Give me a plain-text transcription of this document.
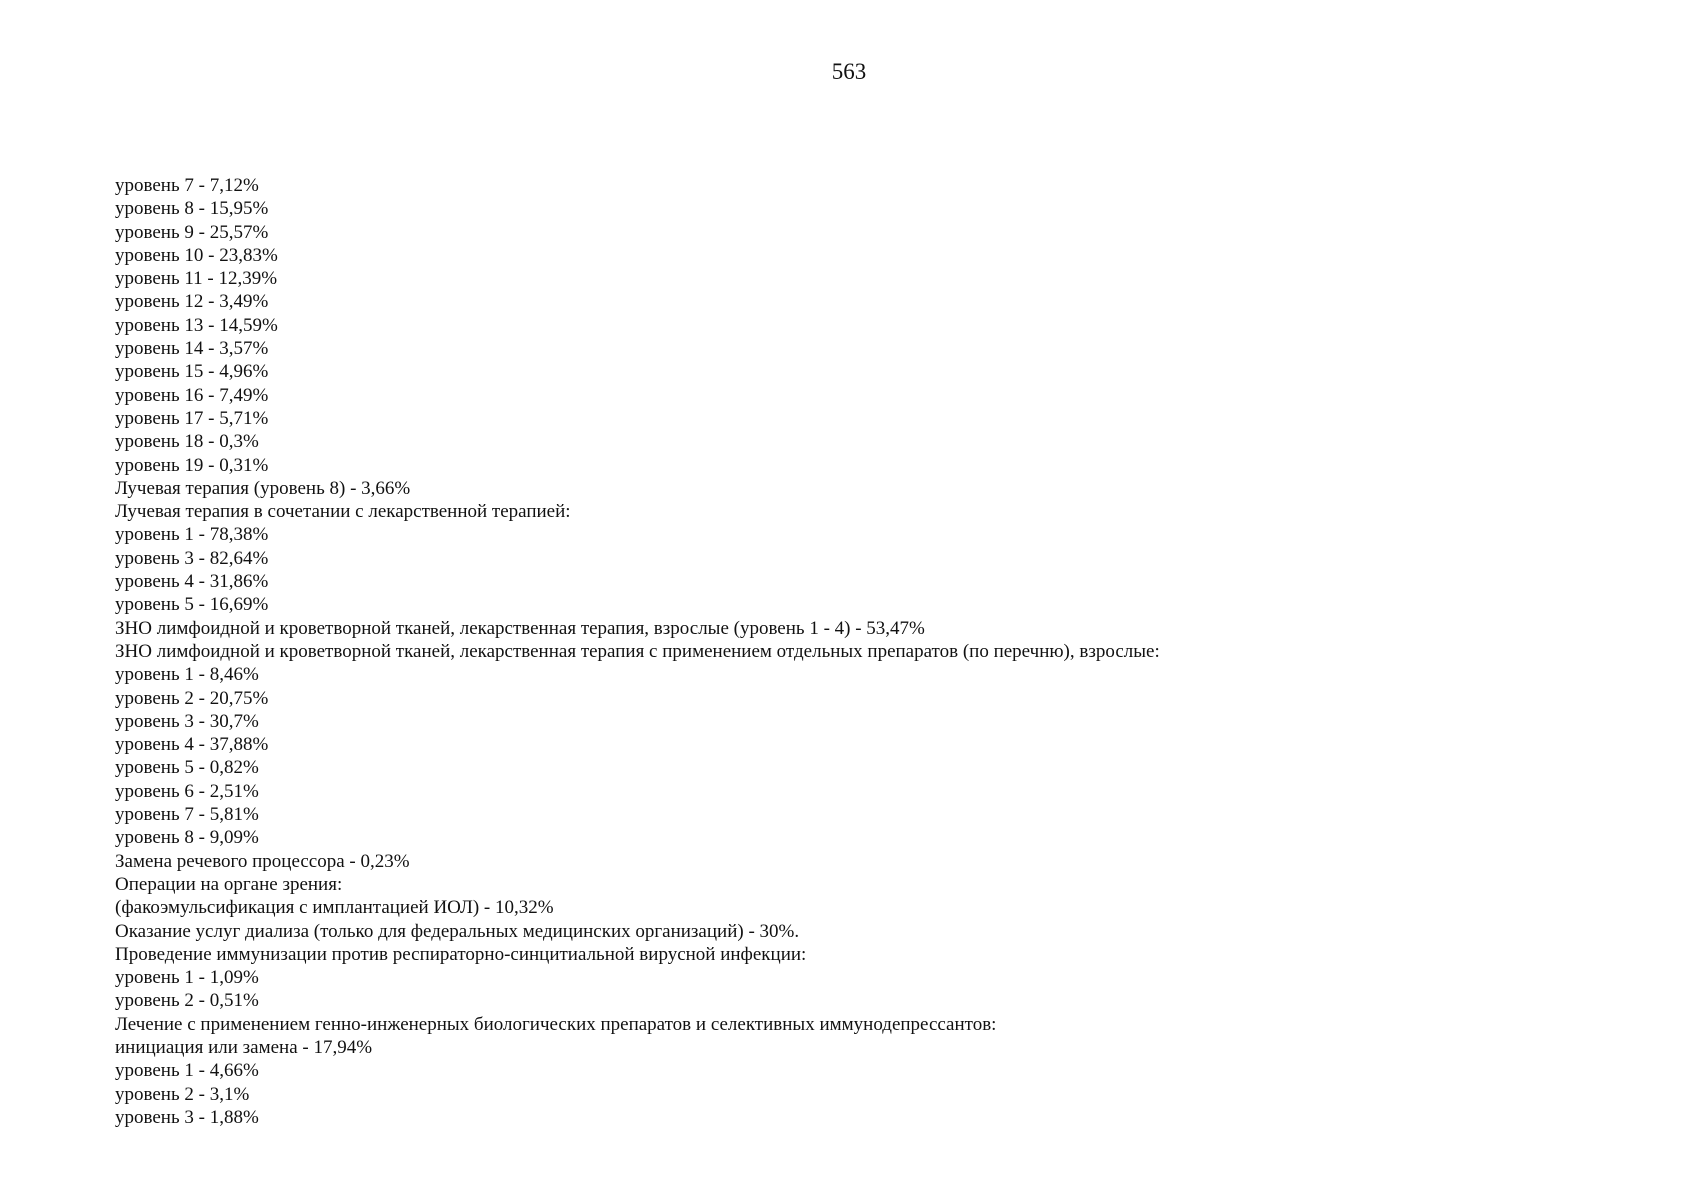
563

уровень 7 - 7,12%

уровень 8 - 15,95%

уровень 9 - 25,57%

уровень 10 - 23,83%

уровень 11 - 12,39%

уровень 12 - 3,49%

уровень 13 - 14,59%

уровень 14 - 3,57%

уровень 15 - 4,96%

уровень 16 - 7,49%

уровень 17 - 5,71%

уровень 18 - 0,3%

уровень 19 - 0,31%

Лучевая терапия (уровень 8) - 3,66%

Лучевая терапия в сочетании с лекарственной терапией:

уровень 1 - 78,38%

уровень 3 - 82,64%

уровень 4 - 31,86%

уровень 5 - 16,69%

ЗНО лимфоидной и кроветворной тканей, лекарственная терапия, взрослые (уровень 1 - 4) - 53,47%

ЗНО лимфоидной и кроветворной тканей, лекарственная терапия с применением отдельных препаратов (по перечню), взрослые:

уровень 1 - 8,46%

уровень 2 - 20,75%

уровень 3 - 30,7%

уровень 4 - 37,88%

уровень 5 - 0,82%

уровень 6 - 2,51%

уровень 7 - 5,81%

уровень 8 - 9,09%

Замена речевого процессора - 0,23%

Операции на органе зрения:

(факоэмульсификация с имплантацией ИОЛ) - 10,32%

Оказание услуг диализа (только для федеральных медицинских организаций) - 30%.

Проведение иммунизации против респираторно-синцитиальной вирусной инфекции:

уровень 1 - 1,09%

уровень 2 - 0,51%

Лечение с применением генно-инженерных биологических препаратов и селективных иммунодепрессантов:

инициация или замена - 17,94%

уровень 1 - 4,66%

уровень 2 - 3,1%

уровень 3 - 1,88%
